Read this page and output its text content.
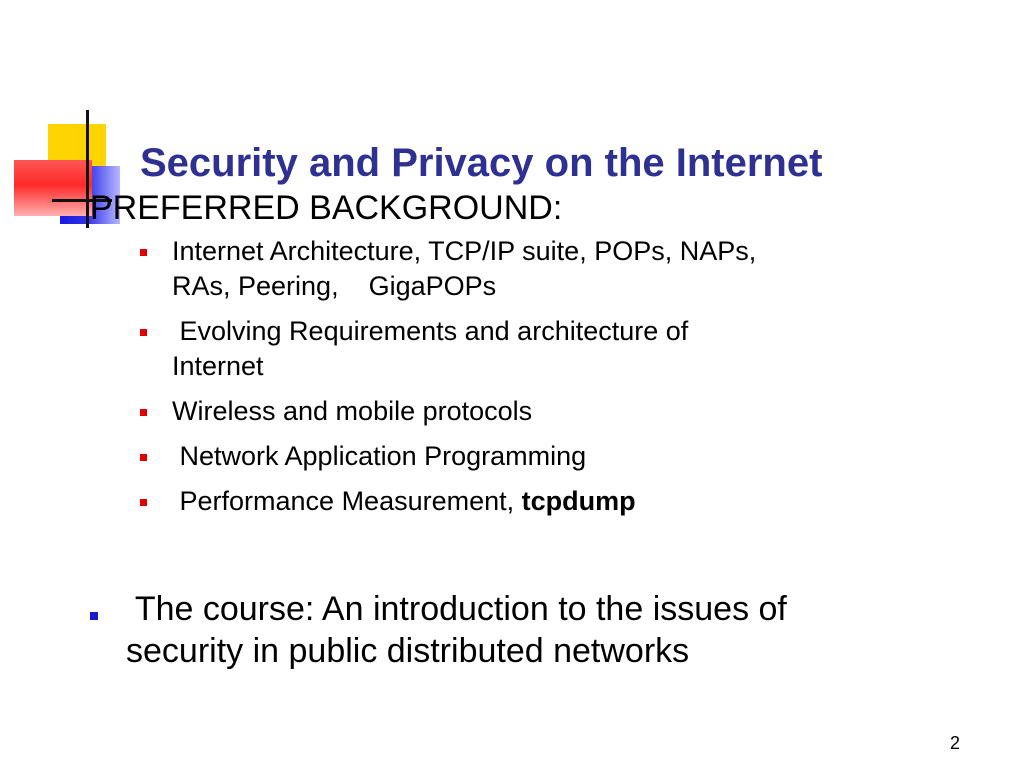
Security and Privacy on the Internet
PREFERRED BACKGROUND:
Internet Architecture, TCP/IP suite, POPs, NAPs,
RAs, Peering,    GigaPOPs
Evolving Requirements and architecture of
Internet
Wireless and mobile protocols
Network Application Programming
Performance Measurement, tcpdump
The course: An introduction to the issues of
security in public distributed networks
2
